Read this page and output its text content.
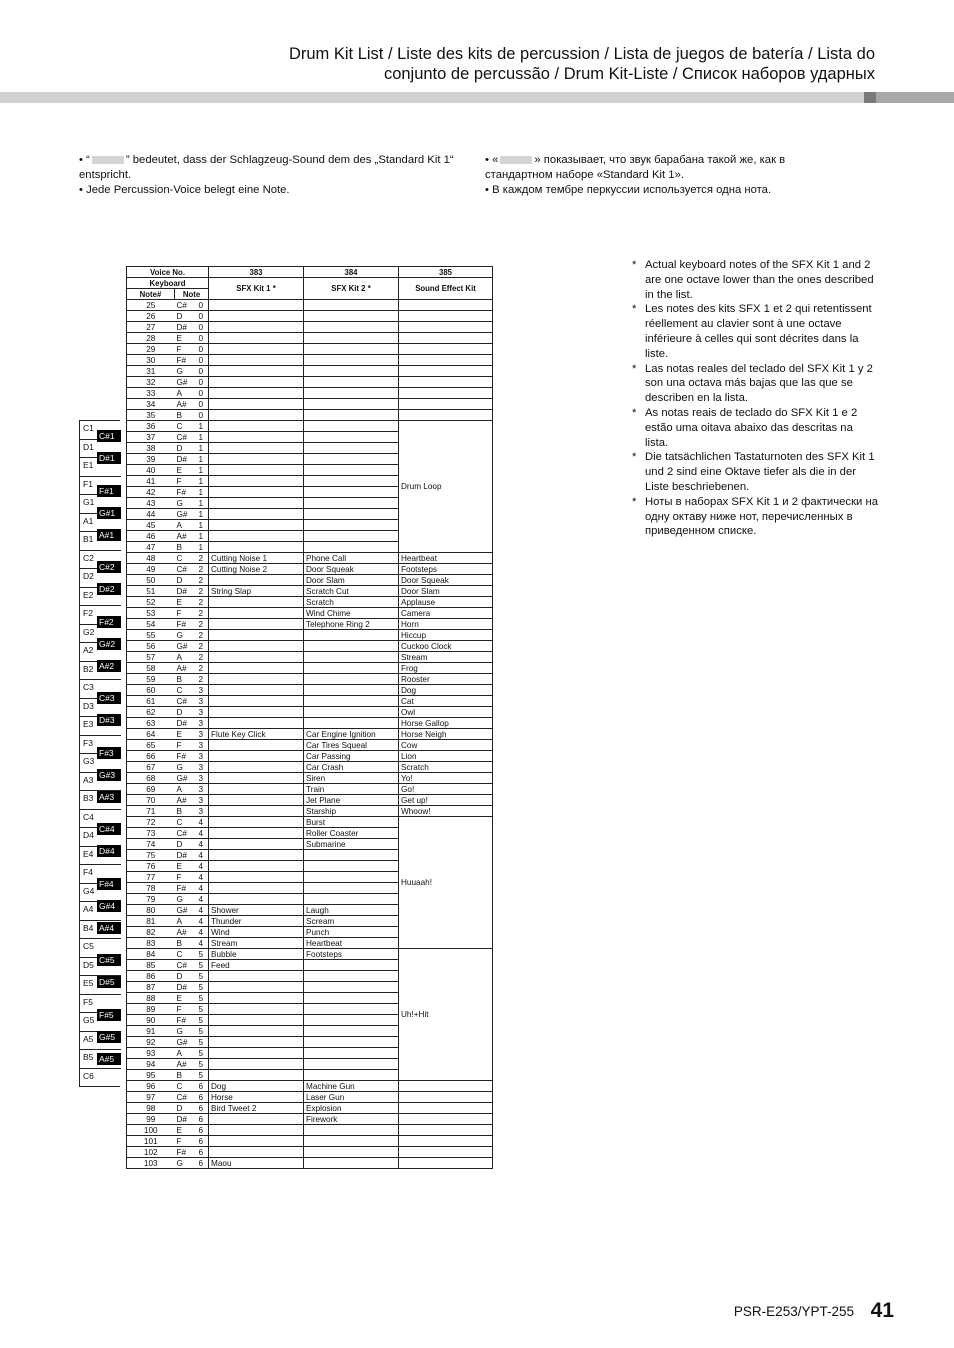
Drum Kit List / Liste des kits de percussion / Lista de juegos de batería / Lista do
conjunto de percussão / Drum Kit-Liste / Список наборов ударных

• “	” bedeutet, dass der Schlagzeug-Sound dem des „Standard Kit 1“ entspricht.

• Jede Percussion-Voice belegt eine Note.

• «	» показывает, что звук барабана такой же, как в стандартном наборе «Standard Kit 1».

• В каждом тембре перкуссии используется одна нота.

* Actual keyboard notes of the SFX Kit 1 and 2 are one octave lower than the ones described in the list.
* Les notes des kits SFX 1 et 2 qui retentissent réellement au clavier sont à une octave inférieure à celles qui sont décrites dans la liste.
* Las notas reales del teclado del SFX Kit 1 y 2 son una octava más bajas que las que se describen en la lista.
* As notas reais de teclado do SFX Kit 1 e 2 estão uma oitava abaixo das descritas na lista.
* Die tatsächlichen Tastaturnoten des SFX Kit 1 und 2 sind eine Oktave tiefer als die in der Liste beschriebenen.
* Ноты в наборах SFX Kit 1 и 2 фактически на одну октаву ниже нот, перечисленных в приведенном списке.
C1
D1
E1
F1
G1
A1
B1
C2
D2
E2
F2
G2
A2
B2
C3
D3
E3
F3
G3
A3
B3
C4
D4
E4
F4
G4
A4
B4
C5
D5
E5
F5
G5
A5
B5
C6
C#1
D#1
F#1
G#1
A#1
C#2
D#2
F#2
G#2
A#2
C#3
D#3
F#3
G#3
A#3
C#4
D#4
F#4
G#4
A#4
C#5
D#5
F#5
G#5
A#5
Voice No.			383	384	385
Keyboard			SFX Kit 1 *	SFX Kit 2 *	Sound Effect Kit
Note#	Note				
25	C#	0			
26	D	0			
27	D#	0			
28	E	0			
29	F	0			
30	F#	0			
31	G	0			
32	G#	0			
33	A	0			
34	A#	0			
35	B	0			
36	C	1			Drum Loop
37	C#	1			
38	D	1			
39	D#	1			
40	E	1			
41	F	1			
42	F#	1			
43	G	1			
44	G#	1			
45	A	1			
46	A#	1			
47	B	1			
48	C	2	Cutting Noise 1	Phone Call	Heartbeat
49	C#	2	Cutting Noise 2	Door Squeak	Footsteps
50	D	2		Door Slam	Door Squeak
51	D#	2	String Slap	Scratch Cut	Door Slam
52	E	2		Scratch	Applause
53	F	2		Wind Chime	Camera
54	F#	2		Telephone Ring 2	Horn
55	G	2			Hiccup
56	G#	2			Cuckoo Clock
57	A	2			Stream
58	A#	2			Frog
59	B	2			Rooster
60	C	3			Dog
61	C#	3			Cat
62	D	3			Owl
63	D#	3			Horse Gallop
64	E	3	Flute Key Click	Car Engine Ignition	Horse Neigh
65	F	3		Car Tires Squeal	Cow
66	F#	3		Car Passing	Lion
67	G	3		Car Crash	Scratch
68	G#	3		Siren	Yo!
69	A	3		Train	Go!
70	A#	3		Jet Plane	Get up!
71	B	3		Starship	Whoow!
72	C	4		Burst	Huuaah!
73	C#	4		Roller Coaster	
74	D	4		Submarine	
75	D#	4			
76	E	4			
77	F	4			
78	F#	4			
79	G	4			
80	G#	4	Shower	Laugh	
81	A	4	Thunder	Scream	
82	A#	4	Wind	Punch	
83	B	4	Stream	Heartbeat	
84	C	5	Bubble	Footsteps	Uh!+Hit
85	C#	5	Feed		
86	D	5			
87	D#	5			
88	E	5			
89	F	5			
90	F#	5			
91	G	5			
92	G#	5			
93	A	5			
94	A#	5			
95	B	5			
96	C	6	Dog	Machine Gun	
97	C#	6	Horse	Laser Gun	
98	D	6	Bird Tweet 2	Explosion	
99	D#	6		Firework	
100	E	6			
101	F	6			
102	F#	6			
103	G	6	Maou		
PSR-E253/YPT-255 41
